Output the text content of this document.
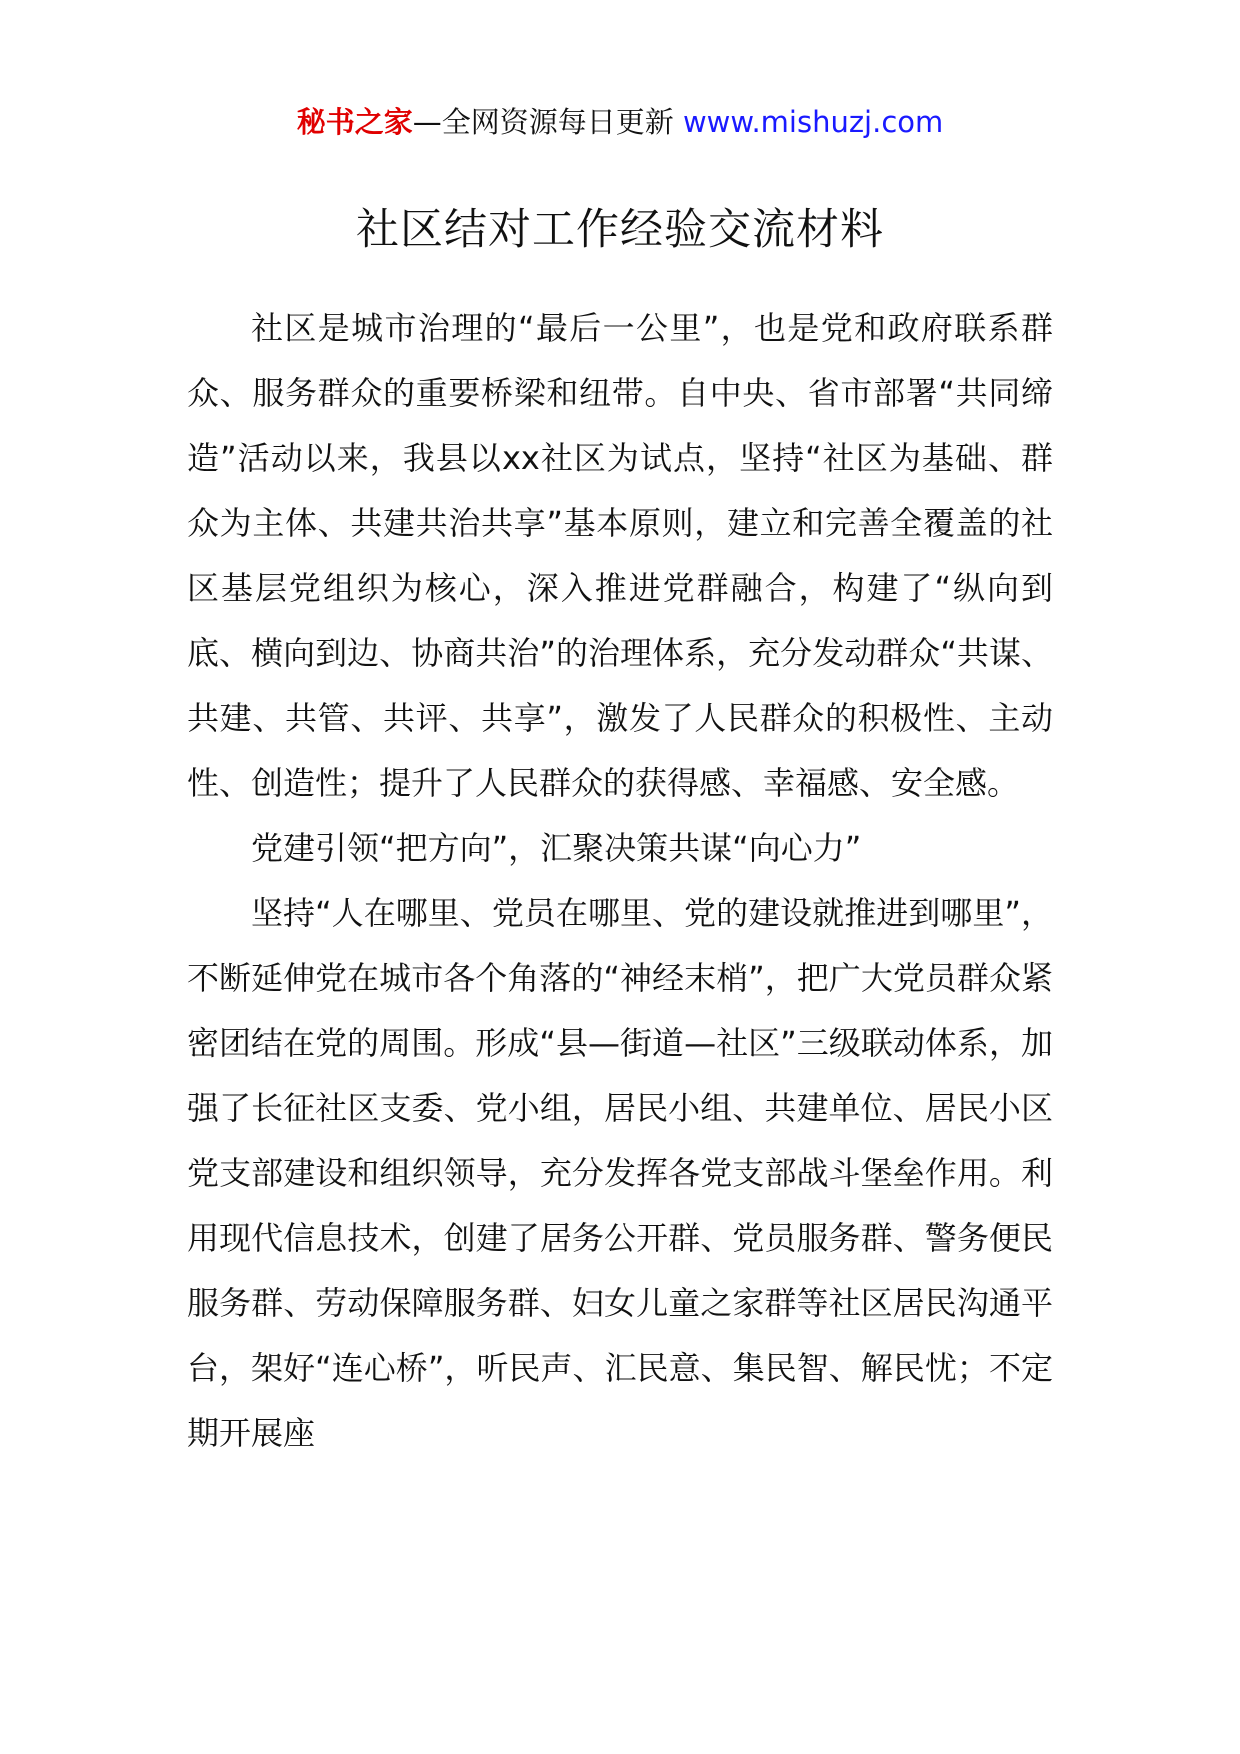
秘书之家—全网资源每日更新 www.mishuzj.com
社区结对工作经验交流材料

社区是城市治理的“最后一公里”，也是党和政府联系群众、服务群众的重要桥梁和纽带。自中央、省市部署“共同缔造”活动以来，我县以xx社区为试点，坚持“社区为基础、群众为主体、共建共治共享”基本原则，建立和完善全覆盖的社区基层党组织为核心，深入推进党群融合，构建了“纵向到底、横向到边、协商共治”的治理体系，充分发动群众“共谋、共建、共管、共评、共享”，激发了人民群众的积极性、主动性、创造性；提升了人民群众的获得感、幸福感、安全感。

党建引领“把方向”，汇聚决策共谋“向心力”

坚持“人在哪里、党员在哪里、党的建设就推进到哪里”，不断延伸党在城市各个角落的“神经末梢”，把广大党员群众紧密团结在党的周围。形成“县—街道—社区”三级联动体系，加强了长征社区支委、党小组，居民小组、共建单位、居民小区党支部建设和组织领导，充分发挥各党支部战斗堡垒作用。利用现代信息技术，创建了居务公开群、党员服务群、警务便民服务群、劳动保障服务群、妇女儿童之家群等社区居民沟通平台，架好“连心桥”，听民声、汇民意、集民智、解民忧；不定期开展座
